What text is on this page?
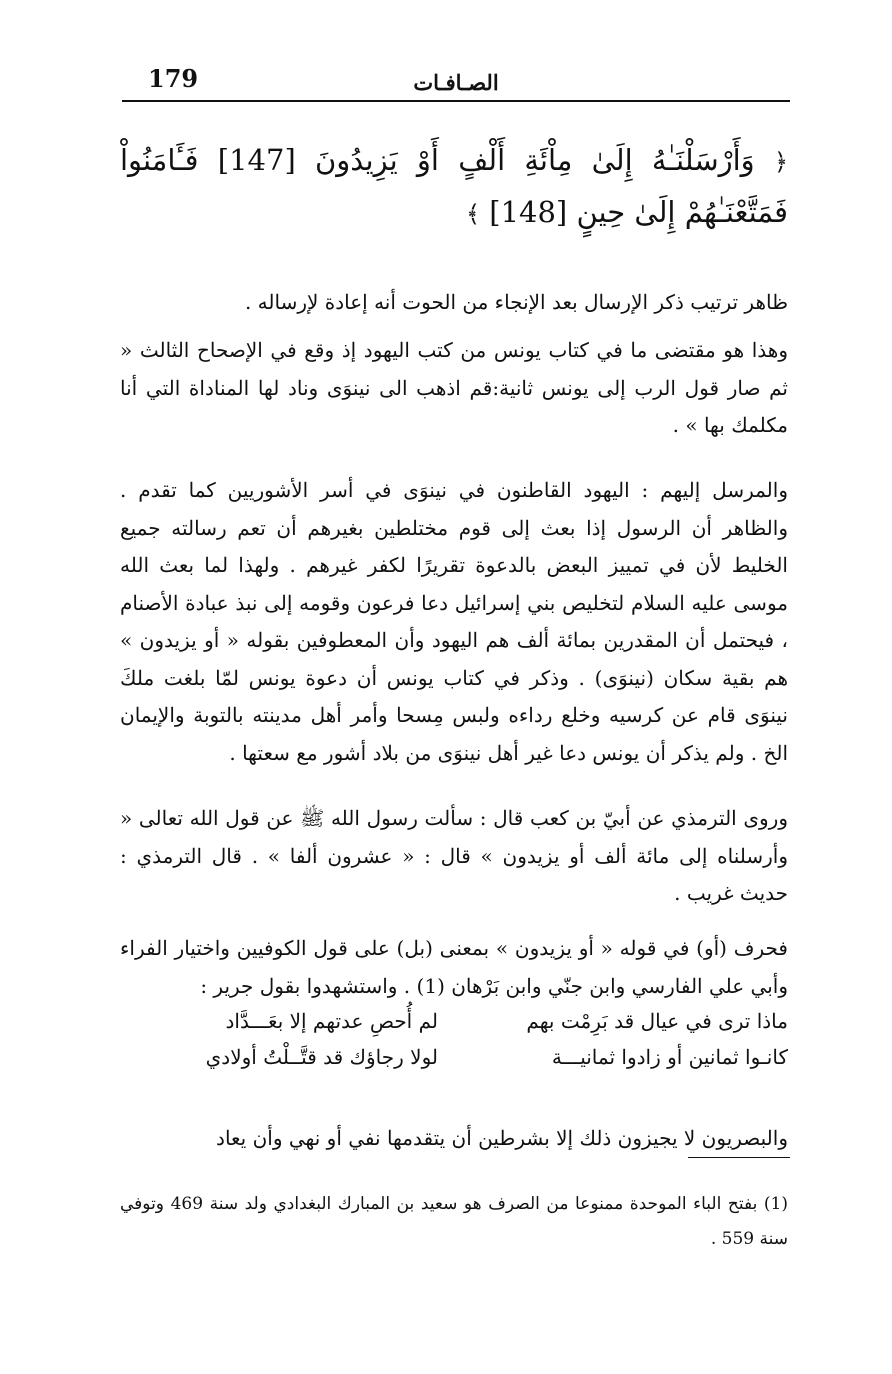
179	الصـافـات
﴿ وَأَرْسَلْنَـٰهُ إِلَىٰ مِاْئَةِ أَلْفٍ أَوْ يَزِيدُونَ [147] فَـَٔامَنُواْ فَمَتَّعْنَـٰهُمْ إِلَىٰ حِينٍ [148] ﴾

ظاهر ترتيب ذكر الإرسال بعد الإنجاء من الحوت أنه إعادة لإرساله .

وهذا هو مقتضى ما في كتاب يونس من كتب اليهود إذ وقع في الإصحاح الثالث « ثم صار قول الرب إلى يونس ثانية:قم اذهب الى نينوَى وناد لها المناداة التي أنا مكلمك بها » .

والمرسل إليهم : اليهود القاطنون في نينوَى في أسر الأشوريين كما تقدم . والظاهر أن الرسول إذا بعث إلى قوم مختلطين بغيرهم أن تعم رسالته جميع الخليط لأن في تمييز البعض بالدعوة تقريرًا لكفر غيرهم . ولهذا لما بعث الله موسى عليه السلام لتخليص بني إسرائيل دعا فرعون وقومه إلى نبذ عبادة الأصنام ، فيحتمل أن المقدرين بمائة ألف هم اليهود وأن المعطوفين بقوله « أو يزيدون » هم بقية سكان (نينوَى) . وذكر في كتاب يونس أن دعوة يونس لمّا بلغت ملكَ نينوَى قام عن كرسيه وخلع رداءه ولبس مِسحا وأمر أهل مدينته بالتوبة والإيمان الخ . ولم يذكر أن يونس دعا غير أهل نينوَى من بلاد أشور مع سعتها .

وروى الترمذي عن أبيّ بن كعب قال : سألت رسول الله ﷺ عن قول الله تعالى « وأرسلناه إلى مائة ألف أو يزيدون » قال : « عشرون ألفا » . قال الترمذي : حديث غريب .

فحرف (أو) في قوله « أو يزيدون » بمعنى (بل) على قول الكوفيين واختيار الفراء وأبي علي الفارسي وابن جنّي وابن بَرْهان (1) . واستشهدوا بقول جرير :

ماذا ترى في عيال قد بَرِمْت بهم
لم أُحصِ عدتهم إلا بعَـــدَّاد
كانـوا ثمانين أو زادوا ثمانيـــة
لولا رجاؤك قد قتَّــلْتُ أولادي

والبصريون لا يجيزون ذلك إلا بشرطين أن يتقدمها نفي أو نهي وأن يعاد

(1) بفتح الباء الموحدة ممنوعا من الصرف هو سعيد بن المبارك البغدادي ولد سنة 469 وتوفي سنة 559 .
